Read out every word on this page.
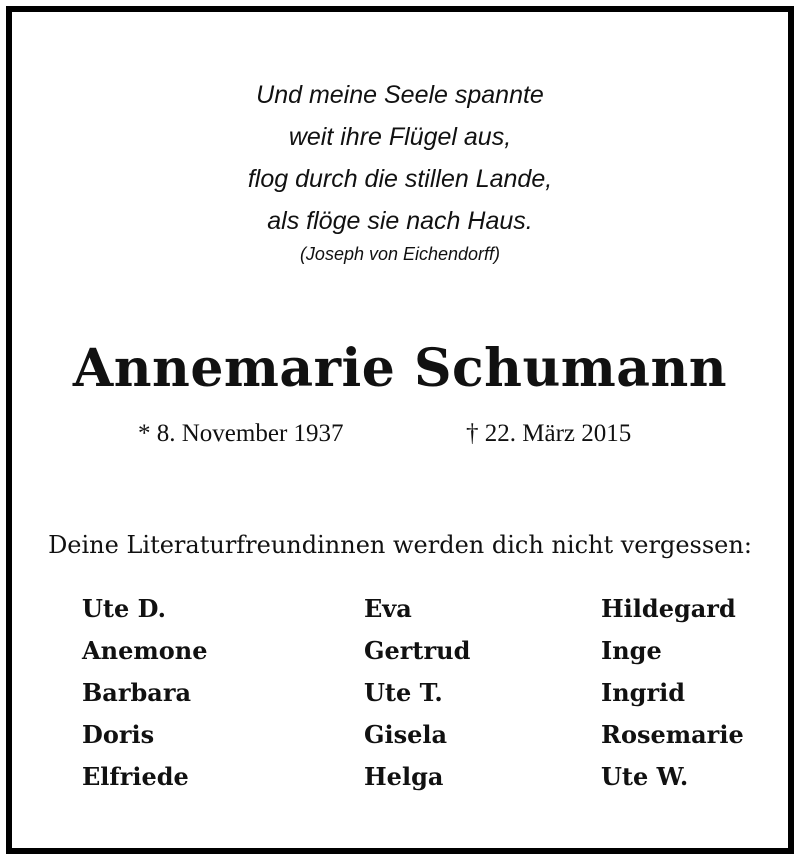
Und meine Seele spannte
weit ihre Flügel aus,
flog durch die stillen Lande,
als flöge sie nach Haus.
(Joseph von Eichendorff)
Annemarie Schumann
* 8. November 1937	† 22. März 2015
Deine Literaturfreundinnen werden dich nicht vergessen:
Ute D.
Anemone
Barbara
Doris
Elfriede
Eva
Gertrud
Ute T.
Gisela
Helga
Hildegard
Inge
Ingrid
Rosemarie
Ute W.
